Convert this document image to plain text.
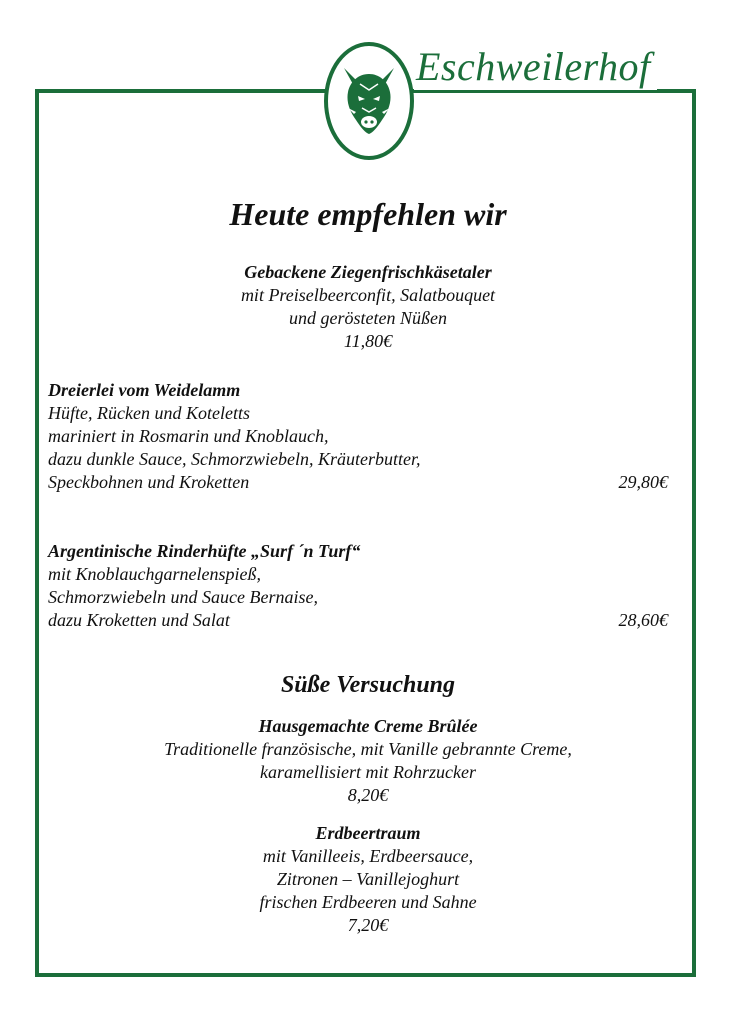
Eschweilerhof
Heute empfehlen wir
Gebackene Ziegenfrischkäsetaler
mit Preiselbeerconfit, Salatbouquet
und gerösteten Nüßen
11,80€
Dreierlei vom Weidelamm
Hüfte, Rücken und Koteletts
mariniert in Rosmarin und Knoblauch,
dazu dunkle Sauce, Schmorzwiebeln, Kräuterbutter,
Speckbohnen und Kroketten	29,80€
Argentinische Rinderhüfte „Surf ´n Turf“
mit Knoblauchgarnelenspieß,
Schmorzwiebeln und Sauce Bernaise,
dazu Kroketten und Salat	28,60€
Süße Versuchung
Hausgemachte Creme Brûlée
Traditionelle französische, mit Vanille gebrannte Creme,
karamellisiert mit Rohrzucker
8,20€
Erdbeertraum
mit Vanilleeis, Erdbeersauce,
Zitronen – Vanillejoghurt
frischen Erdbeeren und Sahne
7,20€
